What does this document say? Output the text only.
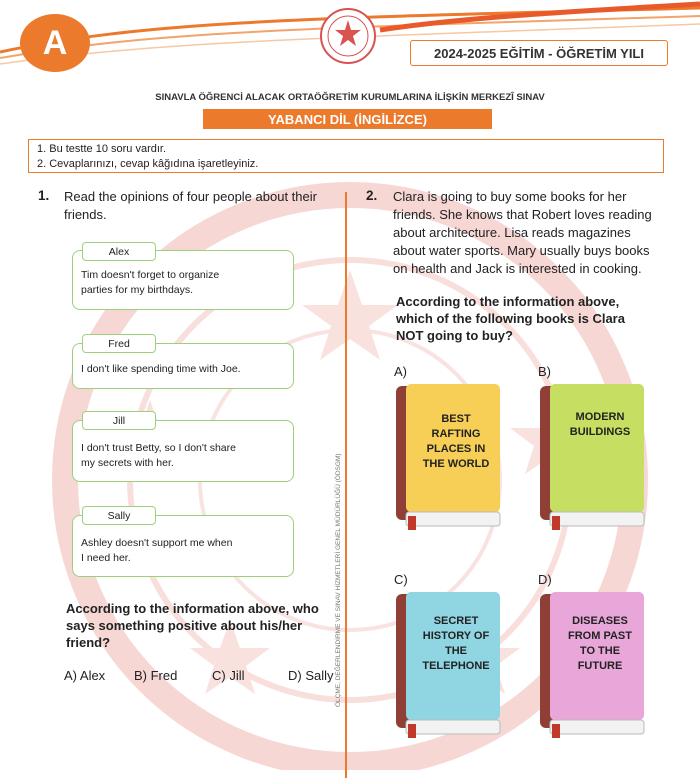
A	2024-2025 EĞİTİM - ÖĞRETİM YILI
SINAVLA ÖĞRENCİ ALACAK ORTAÖĞRETİM KURUMLARINA İLİŞKİN MERKEZÎ SINAV
YABANCI DİL (İNGİLİZCE)
1. Bu testte 10 soru vardır.
2. Cevaplarınızı, cevap kâğıdına işaretleyiniz.
ÖLÇME, DEĞERLENDİRME VE SINAV HİZMETLERİ GENEL MÜDÜRLÜĞÜ (ÖDSGM)
1. Read the opinions of four people about their
friends.
Tim doesn't forget to organize
parties for my birthdays.
Alex
I don't like spending time with Joe.
Fred
I don't trust Betty, so I don't share
my secrets with her.
Jill
Ashley doesn't support me when
I need her.
Sally
According to the information above, who
says something positive about his/her
friend?
A) Alex B) Fred	C) Jill	D) Sally
2. Clara is going to buy some books for her
friends. She knows that Robert loves reading
about architecture. Lisa reads magazines
about water sports. Mary usually buys books
on health and Jack is interested in cooking.
According to the information above,
which of the following books is Clara
NOT going to buy?
A)
BEST
RAFTING
PLACES IN
THE WORLD
B)
MODERN
BUILDINGS
C)
SECRET
HISTORY OF
THE
TELEPHONE
D)
DISEASES
FROM PAST
TO THE
FUTURE
